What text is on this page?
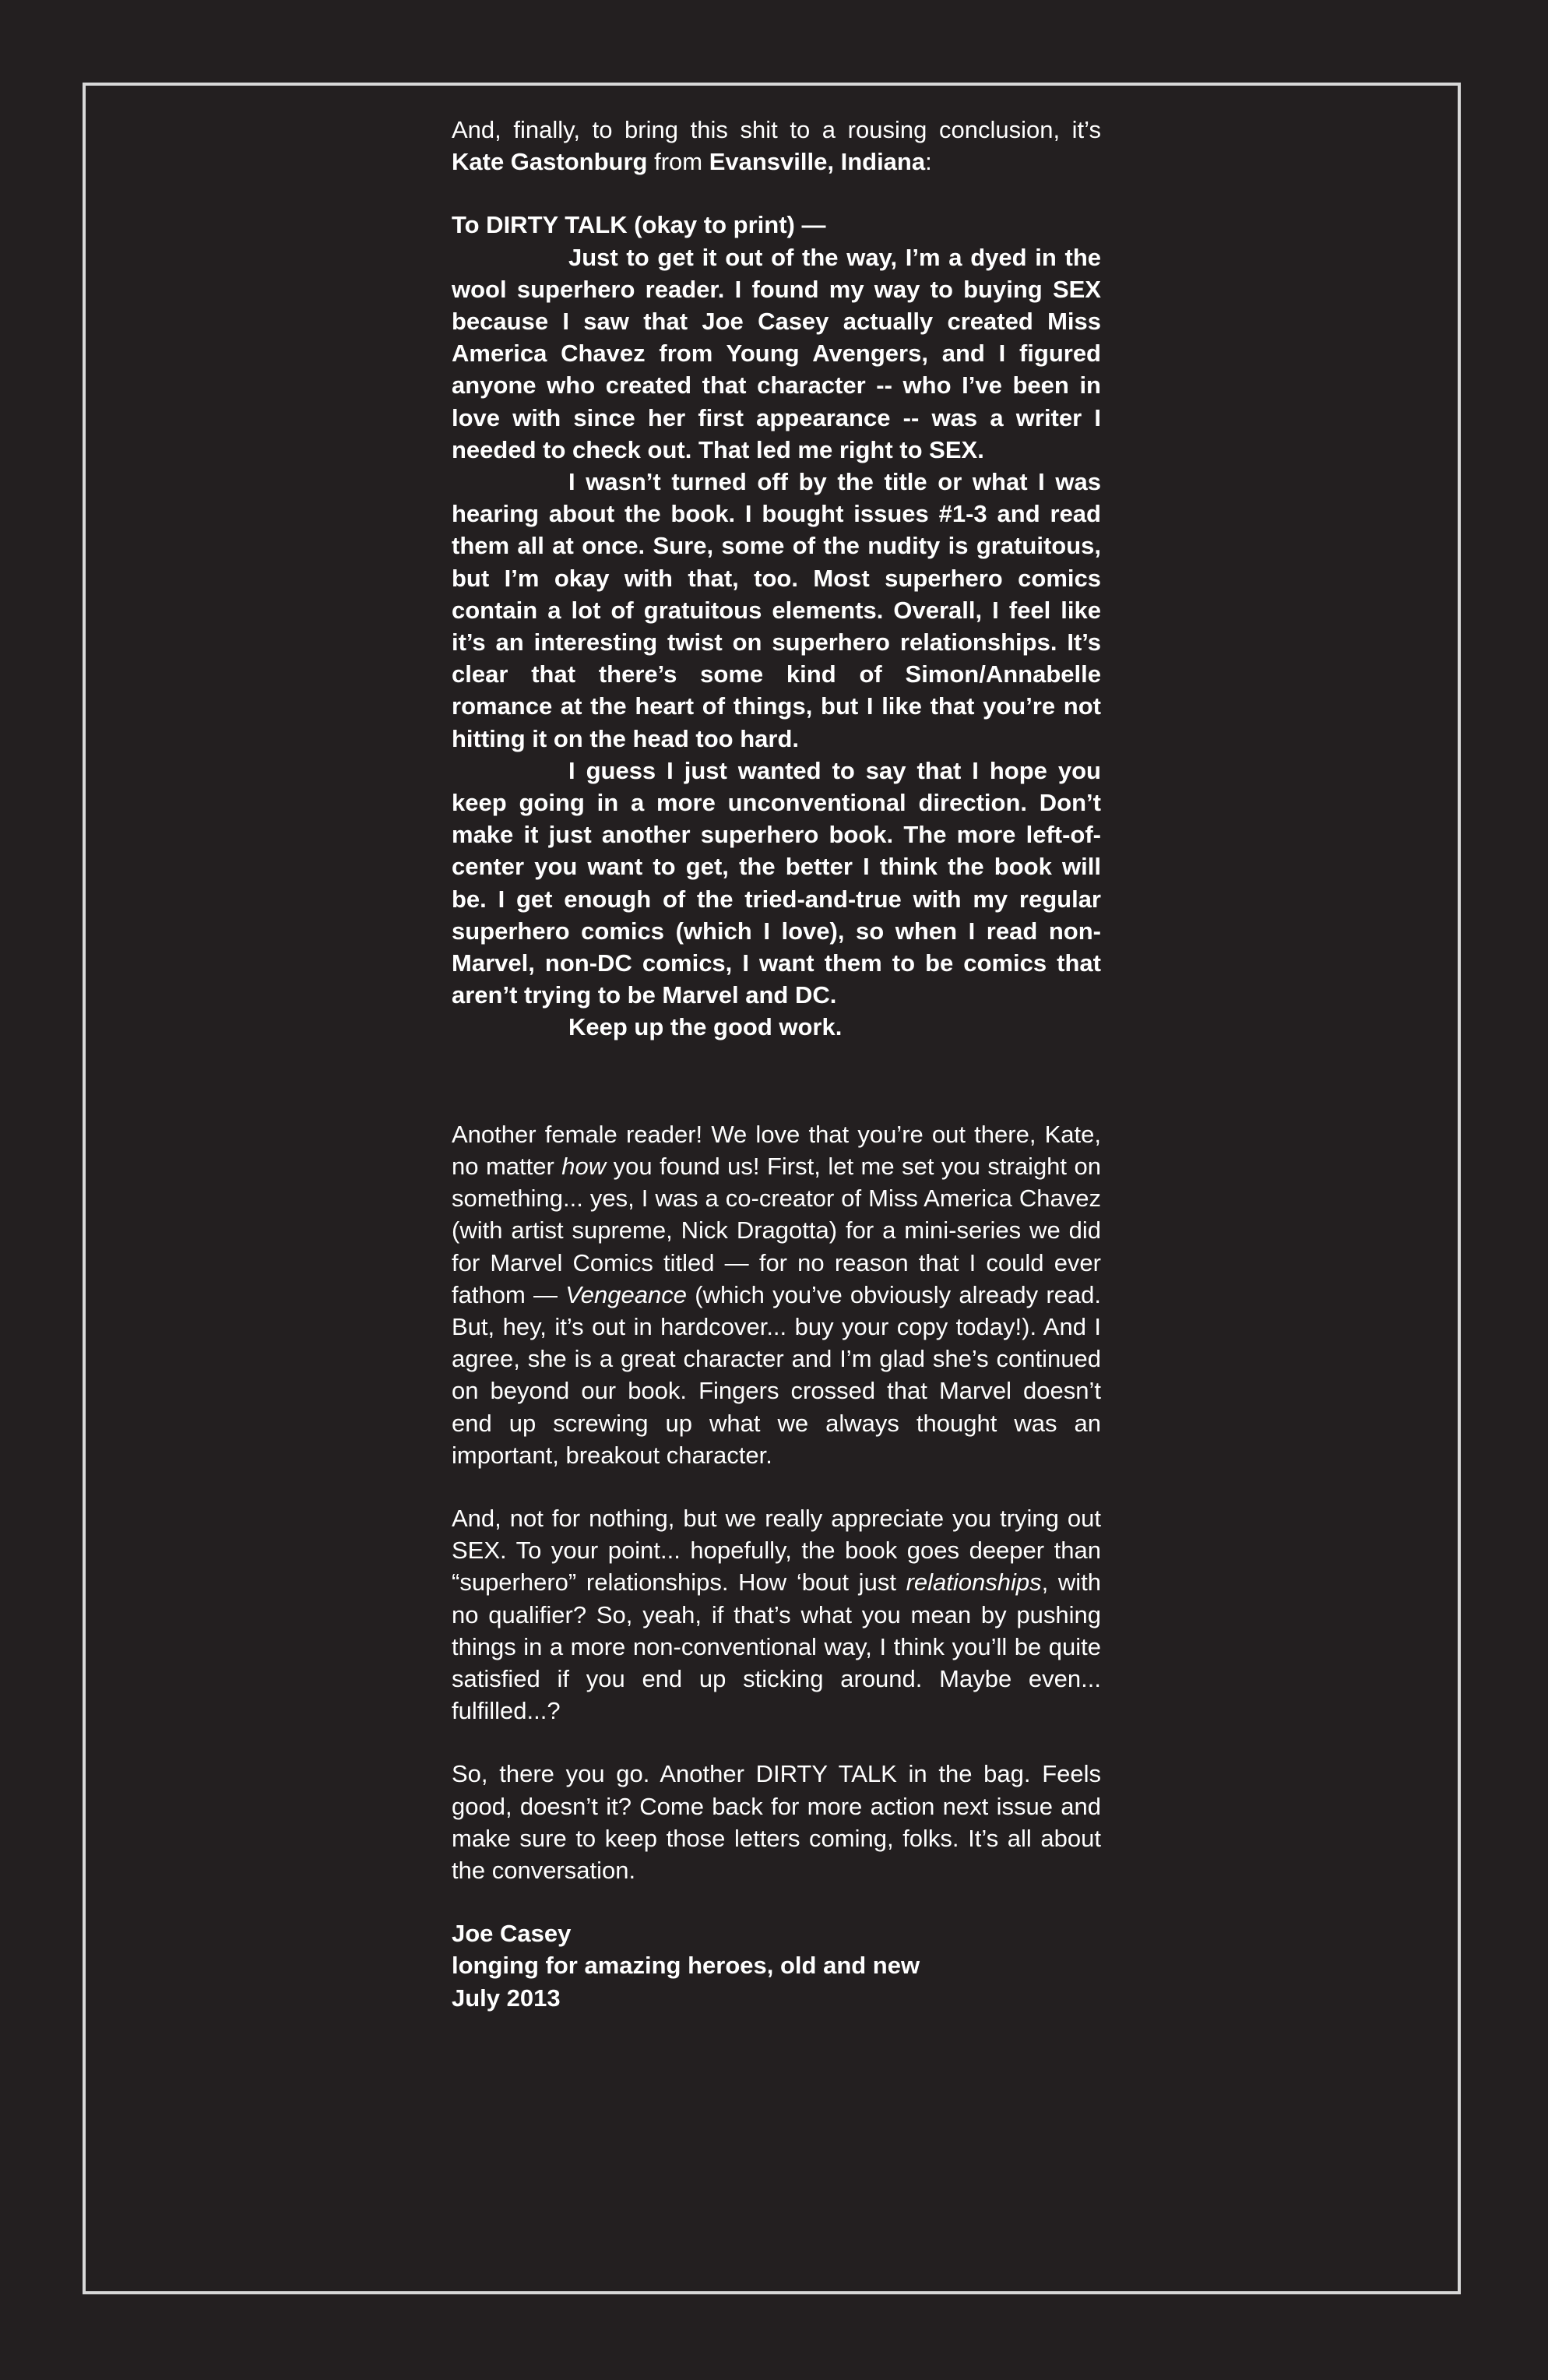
And, finally, to bring this shit to a rousing conclusion, it’s Kate Gastonburg from Evansville, Indiana:

To DIRTY TALK (okay to print) —

Just to get it out of the way, I’m a dyed in the wool superhero reader. I found my way to buying SEX because I saw that Joe Casey actually created Miss America Chavez from Young Avengers, and I figured anyone who created that character -- who I’ve been in love with since her first appearance -- was a writer I needed to check out. That led me right to SEX.

I wasn’t turned off by the title or what I was hearing about the book. I bought issues #1-3 and read them all at once. Sure, some of the nudity is gratuitous, but I’m okay with that, too. Most superhero comics contain a lot of gratuitous elements. Overall, I feel like it’s an interesting twist on superhero relationships. It’s clear that there’s some kind of Simon/Annabelle romance at the heart of things, but I like that you’re not hitting it on the head too hard.

I guess I just wanted to say that I hope you keep going in a more unconventional direction. Don’t make it just another superhero book. The more left-of-center you want to get, the better I think the book will be. I get enough of the tried-and-true with my regular superhero comics (which I love), so when I read non-Marvel, non-DC comics, I want them to be comics that aren’t trying to be Marvel and DC.

Keep up the good work.

Another female reader! We love that you’re out there, Kate, no matter how you found us! First, let me set you straight on something... yes, I was a co-creator of Miss America Chavez (with artist supreme, Nick Dragotta) for a mini-series we did for Marvel Comics titled — for no reason that I could ever fathom — Vengeance (which you’ve obviously already read. But, hey, it’s out in hardcover... buy your copy today!). And I agree, she is a great character and I’m glad she’s continued on beyond our book. Fingers crossed that Marvel doesn’t end up screwing up what we always thought was an important, breakout character.

And, not for nothing, but we really appreciate you trying out SEX. To your point... hopefully, the book goes deeper than “superhero” relationships. How ‘bout just relationships, with no qualifier? So, yeah, if that’s what you mean by pushing things in a more non-conventional way, I think you’ll be quite satisfied if you end up sticking around. Maybe even... fulfilled...?

So, there you go. Another DIRTY TALK in the bag. Feels good, doesn’t it? Come back for more action next issue and make sure to keep those letters coming, folks. It’s all about the conversation.

Joe Casey

longing for amazing heroes, old and new

July 2013
